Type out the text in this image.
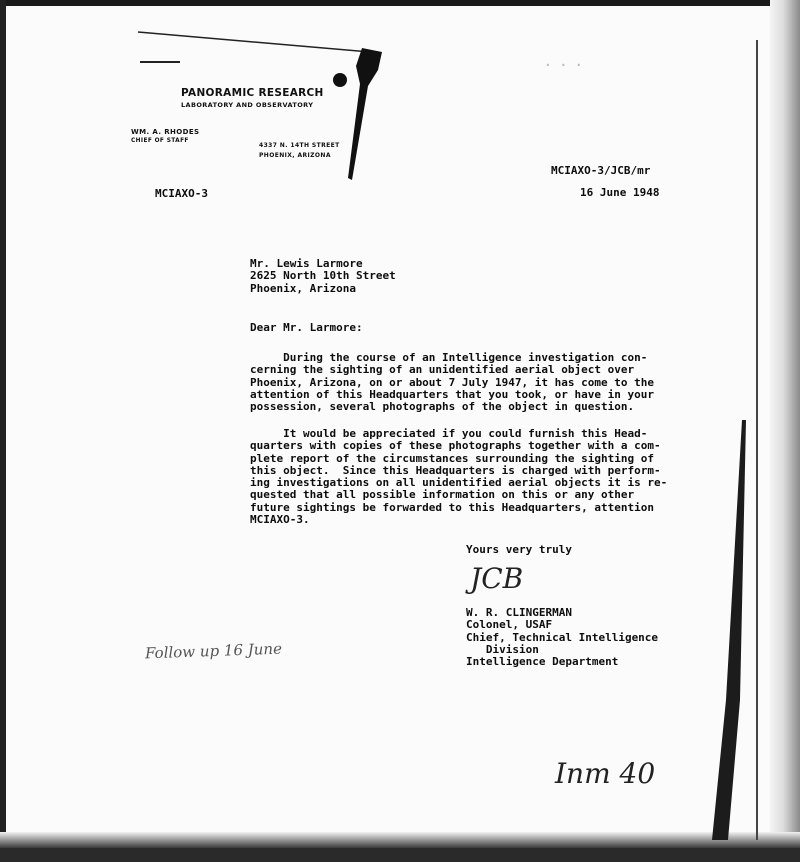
· · ·
PANORAMIC RESEARCH
LABORATORY AND OBSERVATORY
WM. A. RHODES
CHIEF OF STAFF
4337 N. 14TH STREET
PHOENIX, ARIZONA
MCIAXO-3
MCIAXO-3/JCB/mr
16 June 1948
Mr. Lewis Larmore
2625 North 10th Street
Phoenix, Arizona
Dear Mr. Larmore:
During the course of an Intelligence investigation con-
cerning the sighting of an unidentified aerial object over
Phoenix, Arizona, on or about 7 July 1947, it has come to the
attention of this Headquarters that you took, or have in your
possession, several photographs of the object in question.
It would be appreciated if you could furnish this Head-
quarters with copies of these photographs together with a com-
plete report of the circumstances surrounding the sighting of
this object.  Since this Headquarters is charged with perform-
ing investigations on all unidentified aerial objects it is re-
quested that all possible information on this or any other
future sightings be forwarded to this Headquarters, attention
MCIAXO-3.
Yours very truly
JCB
W. R. CLINGERMAN
Colonel, USAF
Chief, Technical Intelligence
Division
Intelligence Department
Follow up 16 June
Inm 40
